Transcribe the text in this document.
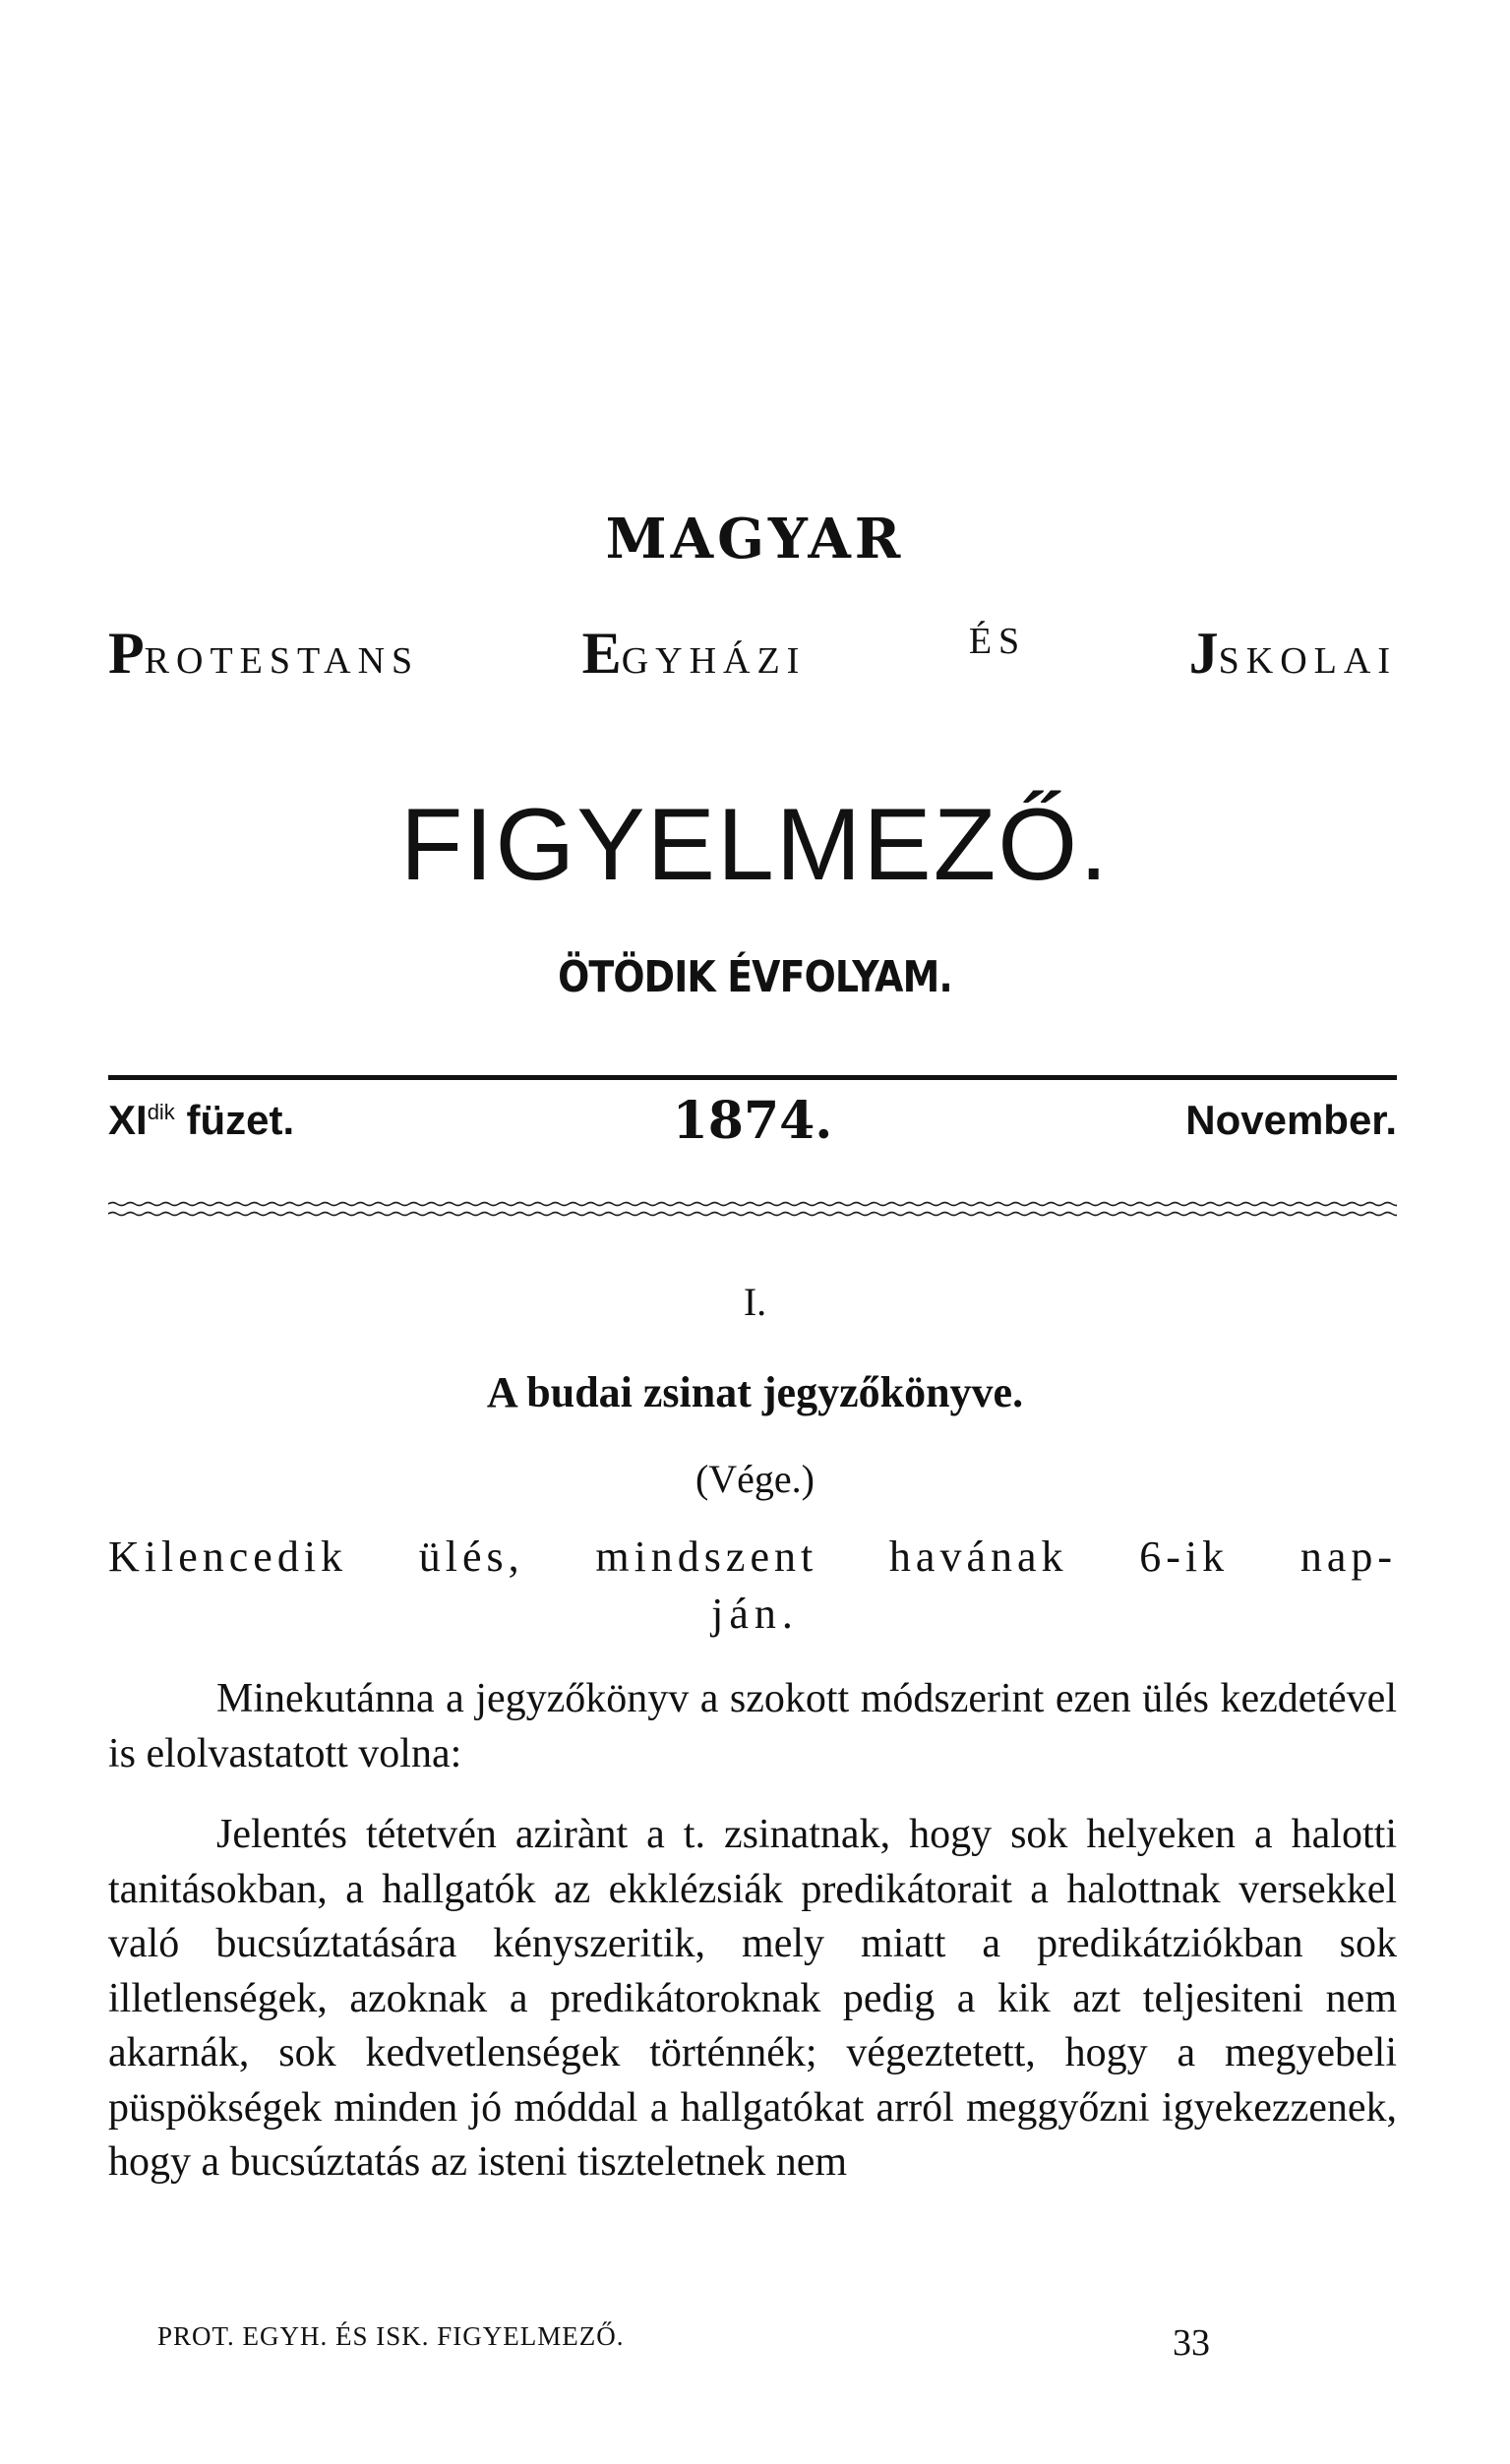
MAGYAR
PROTESTANS	EGYHÁZI	ÉS	JSKOLAI
FIGYELMEZŐ.
ÖTÖDIK ÉVFOLYAM.
$XI^{dik}$ füzet.	1874.	November.
I.
A budai zsinat jegyzőkönyve.
(Vége.)
Kilencedik ülés, mindszent havának 6-ik nap-
ján.
Minekutánna a jegyzőkönyv a szokott módszerint ezen ülés kezdetével is elolvastatott volna:
Jelentés tétetvén azirànt a t. zsinatnak, hogy sok helyeken a halotti tanitásokban, a hallgatók az ekklézsiák predikátorait a halottnak versekkel való bucsúztatására kényszeritik, mely miatt a predikátziókban sok illetlenségek, azoknak a predikátoroknak pedig a kik azt teljesiteni nem akarnák, sok kedvetlenségek történnék; végeztetett, hogy a megyebeli püspökségek minden jó móddal a hallgatókat arról meggyőzni igyekezzenek, hogy a bucsúztatás az isteni tiszteletnek nem
PROT. EGYH. ÉS ISK. FIGYELMEZŐ.	33
